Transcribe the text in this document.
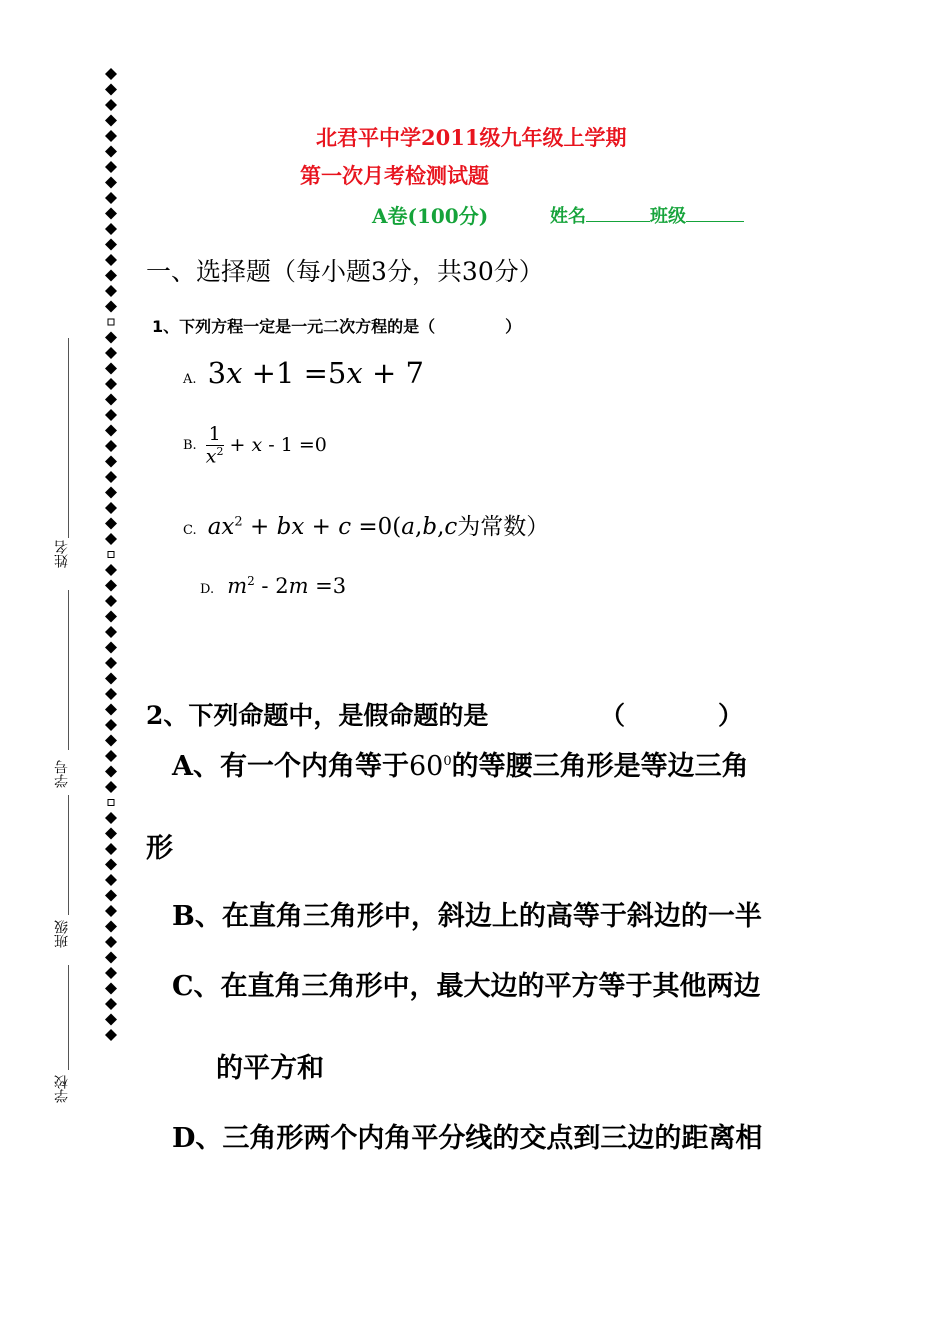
姓名
学号
班级
学校
北君平中学2011级九年级上学期
第一次月考检测试题
A卷(100分)	姓名	班级
一、选择题（每小题3分，共30分）
1、下列方程一定是一元二次方程的是（	）
A. 3x +1 =5x + 7
B. $\frac{1}{x^2} + x - 1 =0$
C. $ax^2$ + bx + c =0(a,b,c为常数）
D. $m^2 - 2m =3$
2、下列命题中，是假命题的是	（	）
A、有一个内角等于$60^0$的等腰三角形是等边三角
形
B、在直角三角形中，斜边上的高等于斜边的一半
C、在直角三角形中，最大边的平方等于其他两边
的平方和
D、三角形两个内角平分线的交点到三边的距离相
